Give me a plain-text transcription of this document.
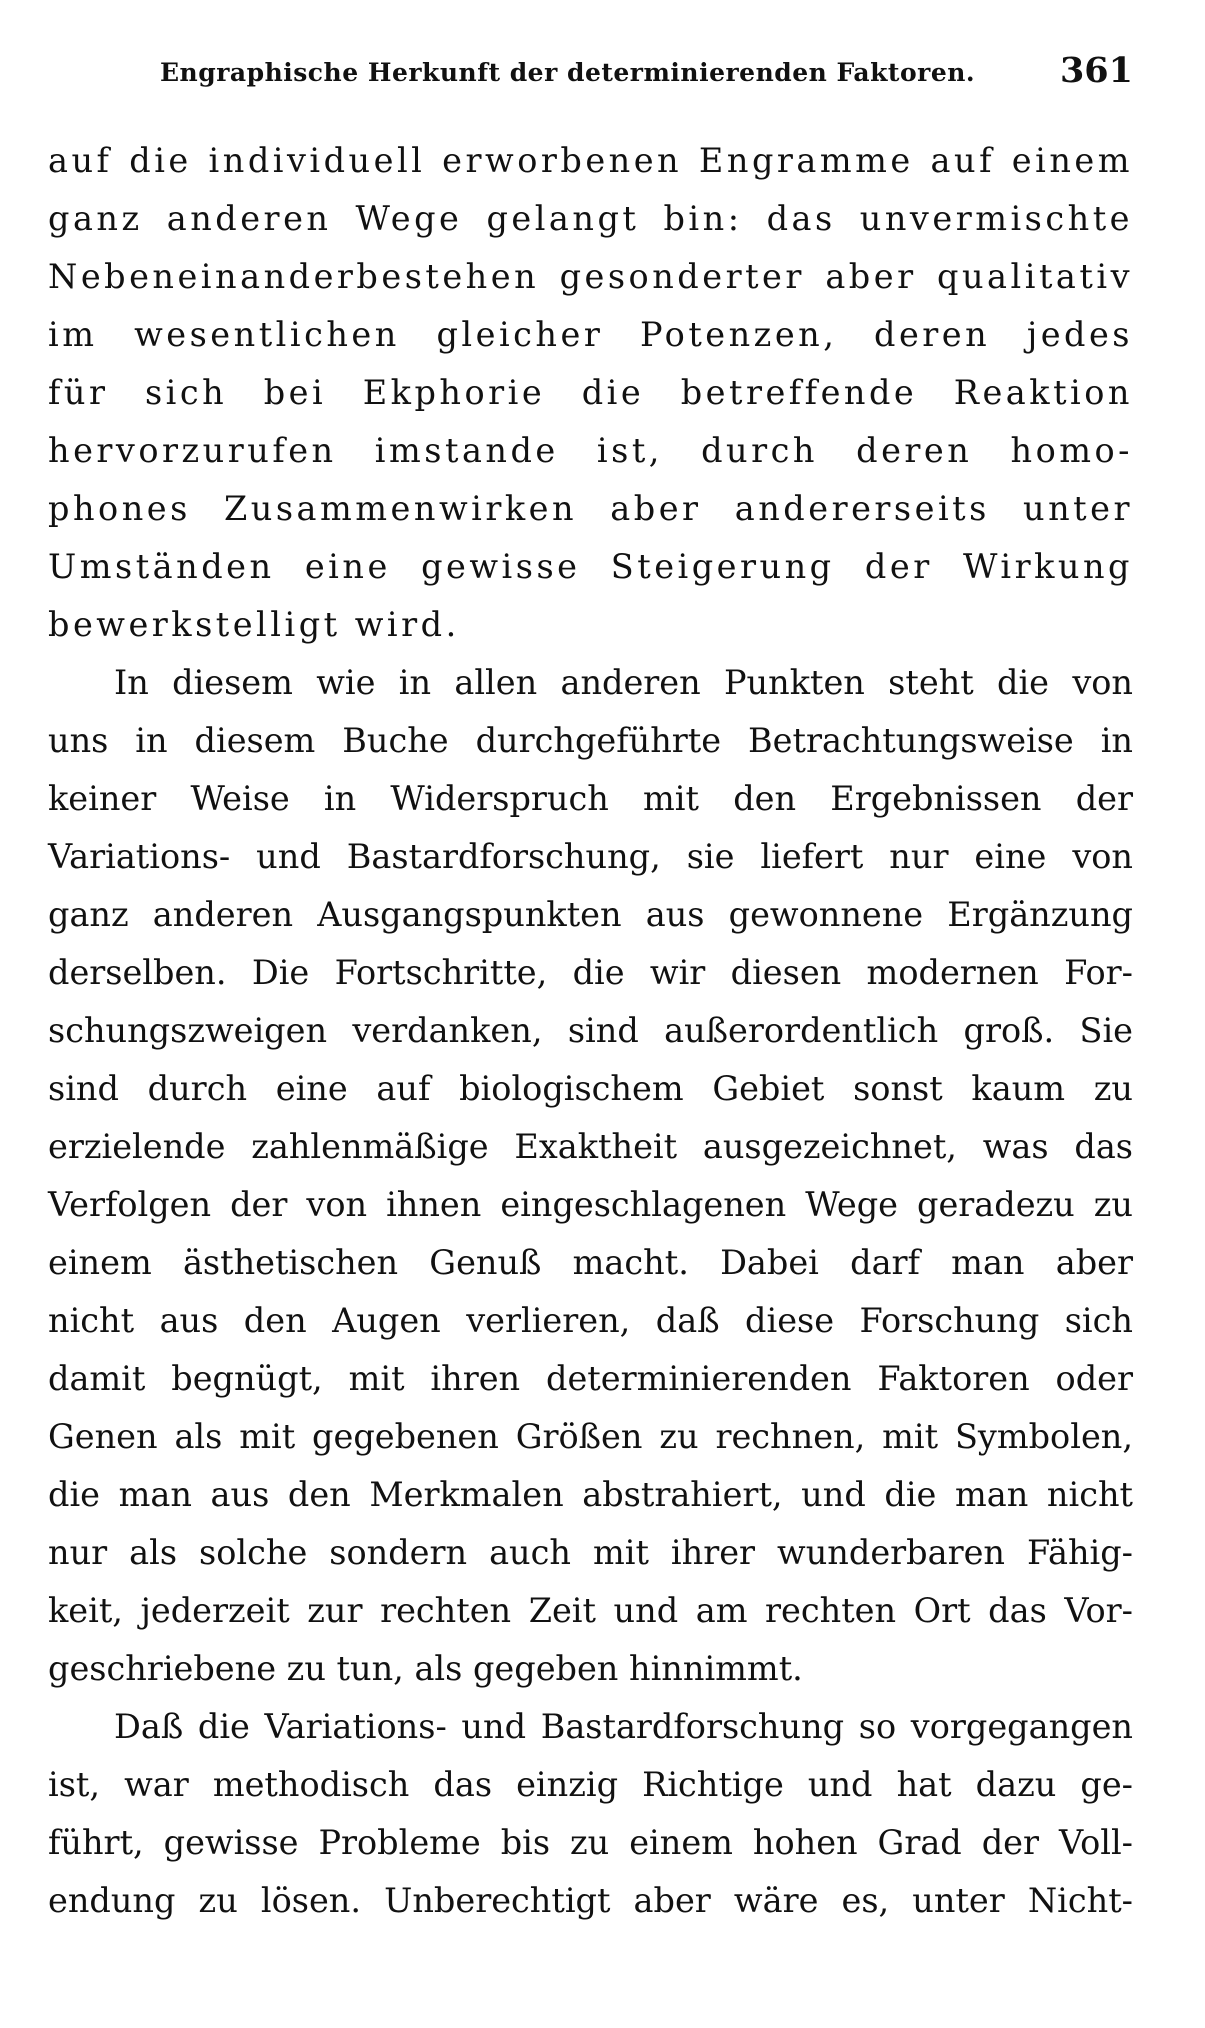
Engraphische Herkunft der determinierenden Faktoren. 361
auf die individuell erworbenen Engramme auf einem
ganz anderen Wege gelangt bin: das unvermischte
Nebeneinanderbestehen gesonderter aber qualitativ
im wesentlichen gleicher Potenzen, deren jedes
für sich bei Ekphorie die betreffende Reaktion
hervorzurufen imstande ist, durch deren homo-
phones Zusammenwirken aber andererseits unter
Umständen eine gewisse Steigerung der Wirkung
bewerkstelligt wird.
In diesem wie in allen anderen Punkten steht die von
uns in diesem Buche durchgeführte Betrachtungsweise in
keiner Weise in Widerspruch mit den Ergebnissen der
Variations- und Bastardforschung, sie liefert nur eine von
ganz anderen Ausgangspunkten aus gewonnene Ergänzung
derselben. Die Fortschritte, die wir diesen modernen For-
schungszweigen verdanken, sind außerordentlich groß. Sie
sind durch eine auf biologischem Gebiet sonst kaum zu
erzielende zahlenmäßige Exaktheit ausgezeichnet, was das
Verfolgen der von ihnen eingeschlagenen Wege geradezu zu
einem ästhetischen Genuß macht. Dabei darf man aber
nicht aus den Augen verlieren, daß diese Forschung sich
damit begnügt, mit ihren determinierenden Faktoren oder
Genen als mit gegebenen Größen zu rechnen, mit Symbolen,
die man aus den Merkmalen abstrahiert, und die man nicht
nur als solche sondern auch mit ihrer wunderbaren Fähig-
keit, jederzeit zur rechten Zeit und am rechten Ort das Vor-
geschriebene zu tun, als gegeben hinnimmt.
Daß die Variations- und Bastardforschung so vorgegangen
ist, war methodisch das einzig Richtige und hat dazu ge-
führt, gewisse Probleme bis zu einem hohen Grad der Voll-
endung zu lösen. Unberechtigt aber wäre es, unter Nicht-
